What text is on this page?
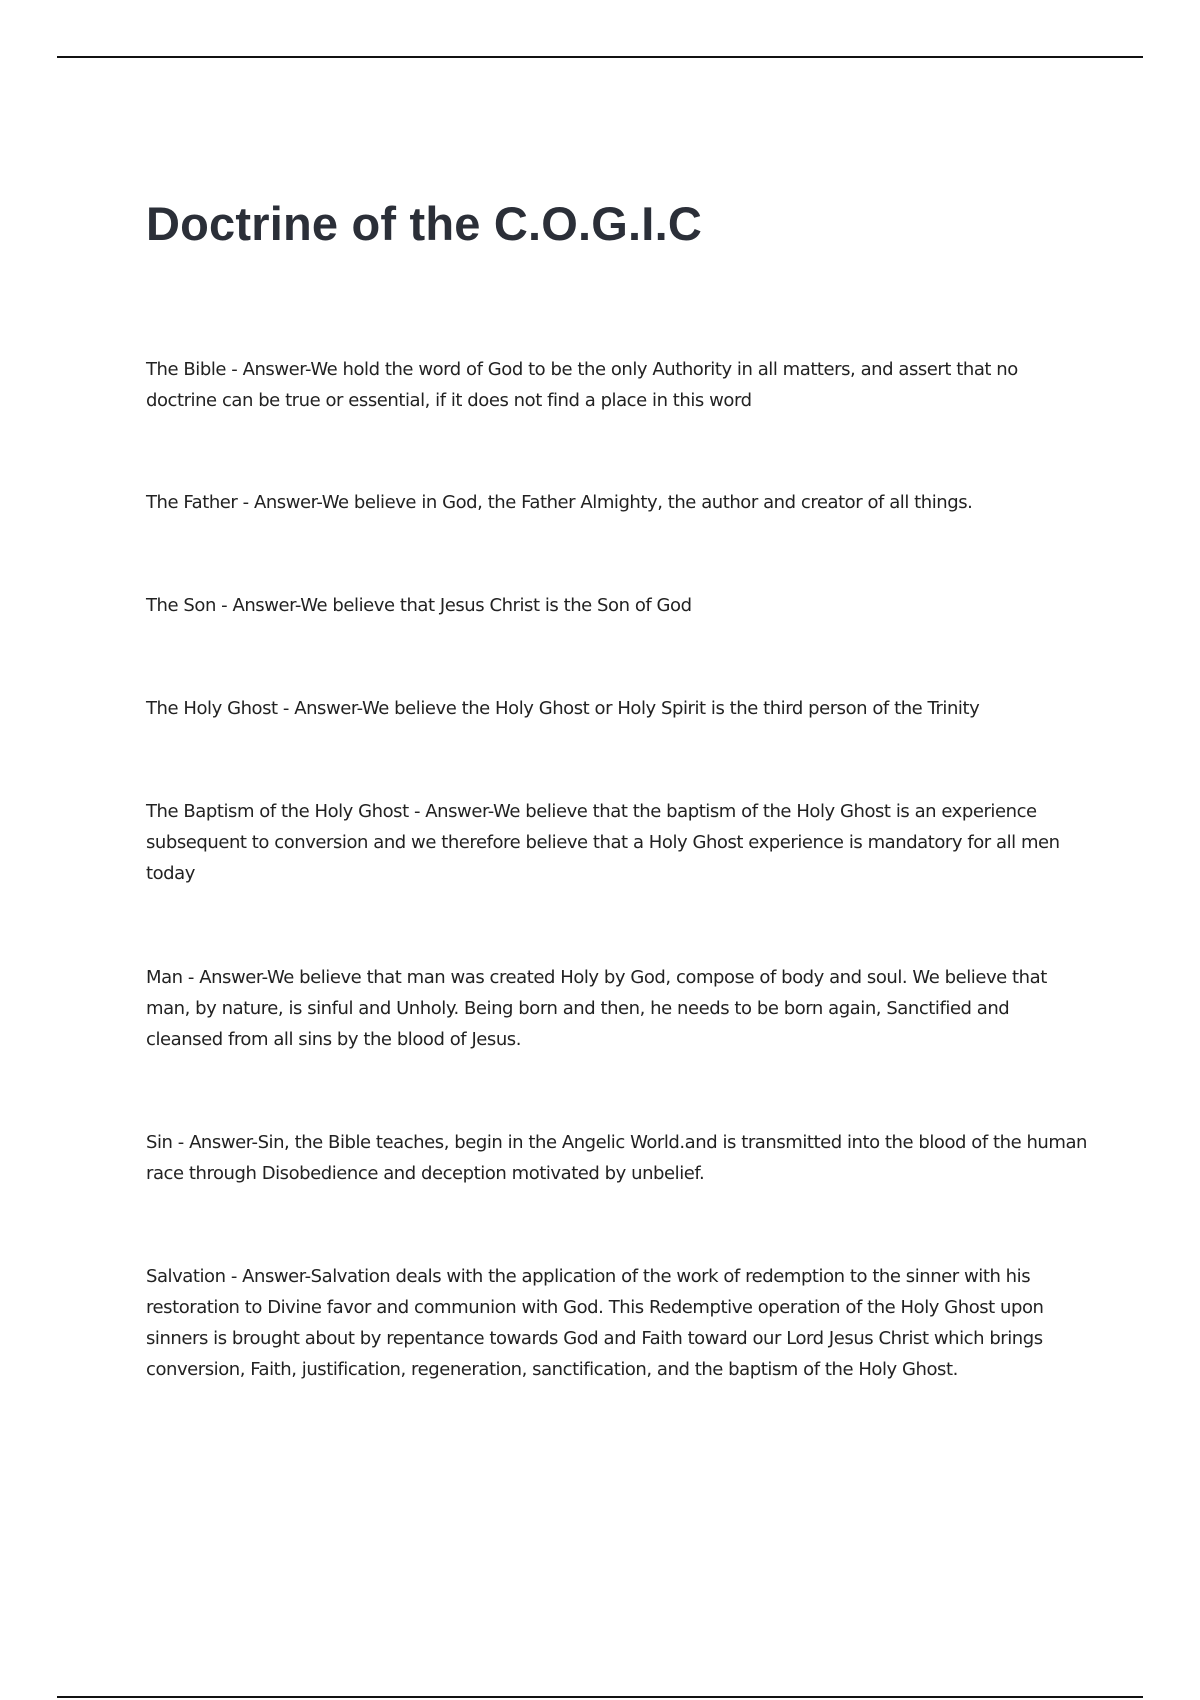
Doctrine of the C.O.G.I.C

The Bible - Answer-We hold the word of God to be the only Authority in all matters, and assert that no doctrine can be true or essential, if it does not find a place in this word

The Father - Answer-We believe in God, the Father Almighty, the author and creator of all things.

The Son - Answer-We believe that Jesus Christ is the Son of God

The Holy Ghost - Answer-We believe the Holy Ghost or Holy Spirit is the third person of the Trinity

The Baptism of the Holy Ghost - Answer-We believe that the baptism of the Holy Ghost is an experience subsequent to conversion and we therefore believe that a Holy Ghost experience is mandatory for all men today

Man - Answer-We believe that man was created Holy by God, compose of body and soul. We believe that man, by nature, is sinful and Unholy. Being born and then, he needs to be born again, Sanctified and cleansed from all sins by the blood of Jesus.

Sin - Answer-Sin, the Bible teaches, begin in the Angelic World.and is transmitted into the blood of the human race through Disobedience and deception motivated by unbelief.

Salvation - Answer-Salvation deals with the application of the work of redemption to the sinner with his restoration to Divine favor and communion with God. This Redemptive operation of the Holy Ghost upon sinners is brought about by repentance towards God and Faith toward our Lord Jesus Christ which brings conversion, Faith, justification, regeneration, sanctification, and the baptism of the Holy Ghost.
